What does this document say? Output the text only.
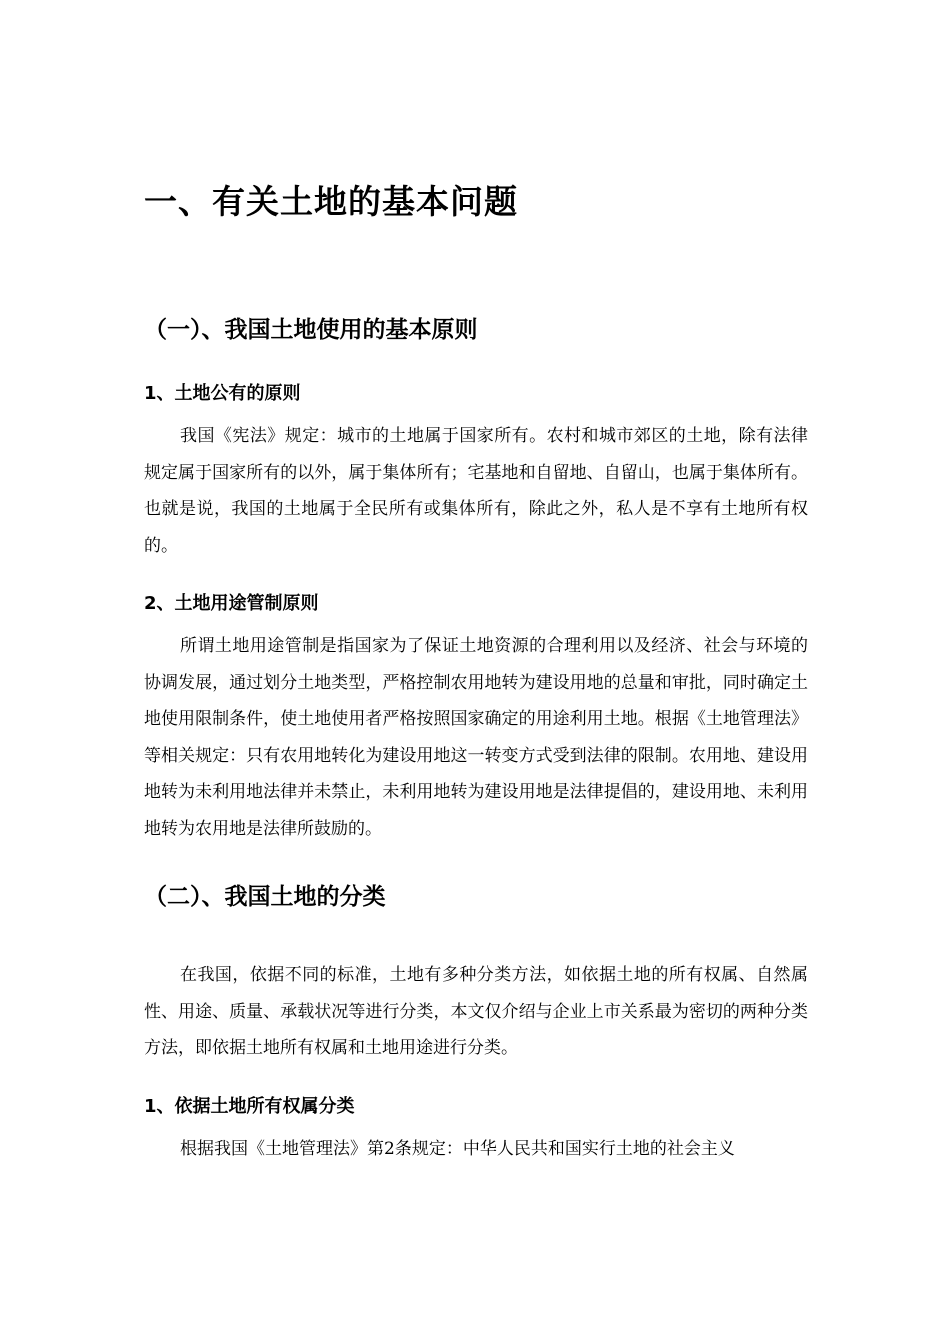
一、有关土地的基本问题
（一）、我国土地使用的基本原则
1、土地公有的原则

我国《宪法》规定：城市的土地属于国家所有。农村和城市郊区的土地，除有法律规定属于国家所有的以外，属于集体所有；宅基地和自留地、自留山，也属于集体所有。也就是说，我国的土地属于全民所有或集体所有，除此之外，私人是不享有土地所有权的。

2、土地用途管制原则

所谓土地用途管制是指国家为了保证土地资源的合理利用以及经济、社会与环境的协调发展，通过划分土地类型，严格控制农用地转为建设用地的总量和审批，同时确定土地使用限制条件，使土地使用者严格按照国家确定的用途利用土地。根据《土地管理法》等相关规定：只有农用地转化为建设用地这一转变方式受到法律的限制。农用地、建设用地转为未利用地法律并未禁止，未利用地转为建设用地是法律提倡的，建设用地、未利用地转为农用地是法律所鼓励的。

（二）、我国土地的分类

在我国，依据不同的标准，土地有多种分类方法，如依据土地的所有权属、自然属性、用途、质量、承载状况等进行分类，本文仅介绍与企业上市关系最为密切的两种分类方法，即依据土地所有权属和土地用途进行分类。

1、依据土地所有权属分类

根据我国《土地管理法》第2条规定：中华人民共和国实行土地的社会主义
